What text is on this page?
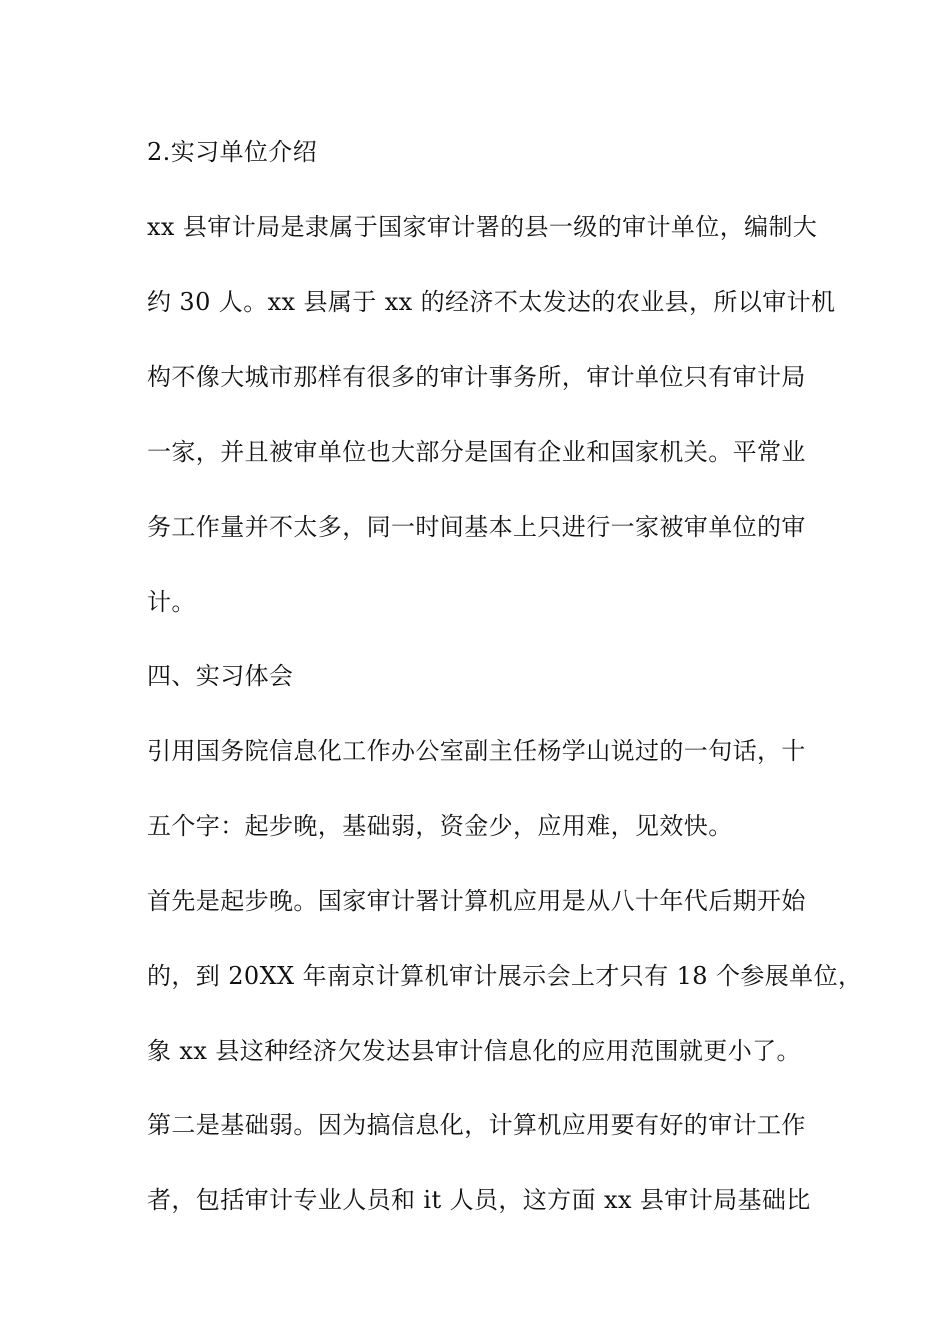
2.实习单位介绍
xx 县审计局是隶属于国家审计署的县一级的审计单位，编制大
约 30 人。xx 县属于 xx 的经济不太发达的农业县，所以审计机
构不像大城市那样有很多的审计事务所，审计单位只有审计局
一家，并且被审单位也大部分是国有企业和国家机关。平常业
务工作量并不太多，同一时间基本上只进行一家被审单位的审
计。
四、实习体会
引用国务院信息化工作办公室副主任杨学山说过的一句话，十
五个字：起步晚，基础弱，资金少，应用难，见效快。
首先是起步晚。国家审计署计算机应用是从八十年代后期开始
的，到 20XX 年南京计算机审计展示会上才只有 18 个参展单位，
象 xx 县这种经济欠发达县审计信息化的应用范围就更小了。
第二是基础弱。因为搞信息化，计算机应用要有好的审计工作
者，包括审计专业人员和 it 人员，这方面 xx 县审计局基础比
